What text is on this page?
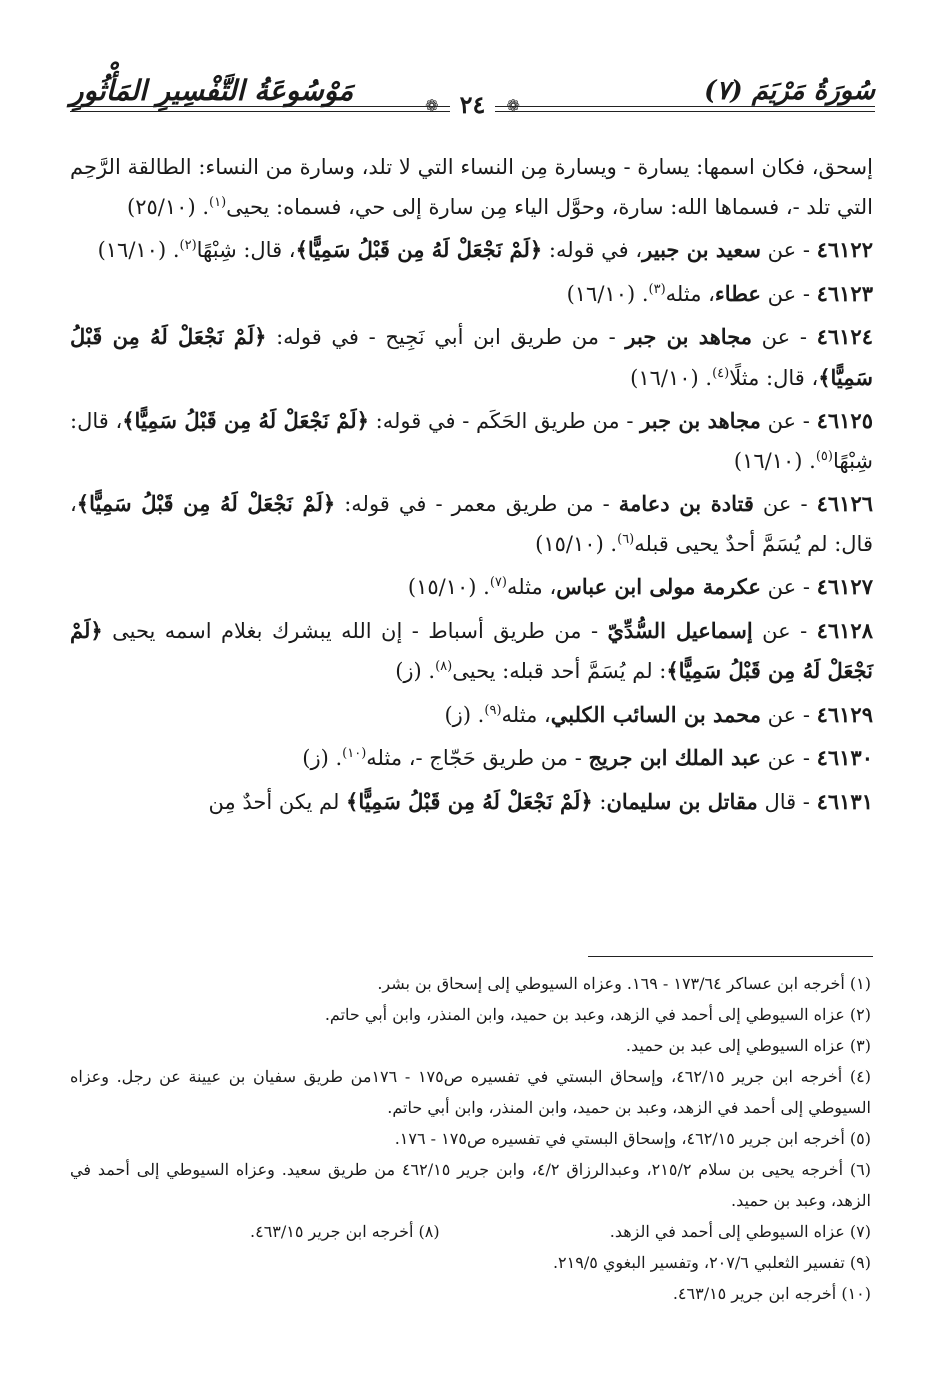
سُورَةُ مَرْيَمَ (٧)
❁ ٢٤ ❁
مَوْسُوعَةُ التَّفْسِيرِ المَأْثُورِ

إسحق، فكان اسمها: يسارة - ويسارة مِن النساء التي لا تلد، وسارة من النساء: الطالقة الرَّحِم التي تلد -، فسماها الله: سارة، وحوَّل الياء مِن سارة إلى حي، فسماه: يحيى$^{(١)}$. (٢٥/١٠)

٤٦١٢٢ - عن سعيد بن جبير، في قوله: ﴿لَمْ نَجْعَلْ لَهُ مِن قَبْلُ سَمِيًّا﴾، قال: شِبْهًا$^{(٢)}$. (١٦/١٠)

٤٦١٢٣ - عن عطاء، مثله$^{(٣)}$. (١٦/١٠)

٤٦١٢٤ - عن مجاهد بن جبر - من طريق ابن أبي نَجِيح - في قوله: ﴿لَمْ نَجْعَلْ لَهُ مِن قَبْلُ سَمِيًّا﴾، قال: مثلًا$^{(٤)}$. (١٦/١٠)

٤٦١٢٥ - عن مجاهد بن جبر - من طريق الحَكَم - في قوله: ﴿لَمْ نَجْعَلْ لَهُ مِن قَبْلُ سَمِيًّا﴾، قال: شِبْهًا$^{(٥)}$. (١٦/١٠)

٤٦١٢٦ - عن قتادة بن دعامة - من طريق معمر - في قوله: ﴿لَمْ نَجْعَلْ لَهُ مِن قَبْلُ سَمِيًّا﴾، قال: لم يُسَمَّ أحدٌ يحيى قبله$^{(٦)}$. (١٥/١٠)

٤٦١٢٧ - عن عكرمة مولى ابن عباس، مثله$^{(٧)}$. (١٥/١٠)

٤٦١٢٨ - عن إسماعيل السُّدِّيّ - من طريق أسباط - إن الله يبشرك بغلام اسمه يحيى ﴿لَمْ نَجْعَلْ لَهُ مِن قَبْلُ سَمِيًّا﴾: لم يُسَمَّ أحد قبله: يحيى$^{(٨)}$. (ز)

٤٦١٢٩ - عن محمد بن السائب الكلبي، مثله$^{(٩)}$. (ز)

٤٦١٣٠ - عن عبد الملك ابن جريج - من طريق حَجّاج -، مثله$^{(١٠)}$. (ز)

٤٦١٣١ - قال مقاتل بن سليمان: ﴿لَمْ نَجْعَلْ لَهُ مِن قَبْلُ سَمِيًّا﴾ لم يكن أحدٌ مِن

(١) أخرجه ابن عساكر ١٧٣/٦٤ - ١٦٩. وعزاه السيوطي إلى إسحاق بن بشر.

(٢) عزاه السيوطي إلى أحمد في الزهد، وعبد بن حميد، وابن المنذر، وابن أبي حاتم.

(٣) عزاه السيوطي إلى عبد بن حميد.

(٤) أخرجه ابن جرير ٤٦٢/١٥، وإسحاق البستي في تفسيره ص١٧٥ - ١٧٦من طريق سفيان بن عيينة عن رجل. وعزاه السيوطي إلى أحمد في الزهد، وعبد بن حميد، وابن المنذر، وابن أبي حاتم.

(٥) أخرجه ابن جرير ٤٦٢/١٥، وإسحاق البستي في تفسيره ص١٧٥ - ١٧٦.

(٦) أخرجه يحيى بن سلام ٢١٥/٢، وعبدالرزاق ٤/٢، وابن جرير ٤٦٢/١٥ من طريق سعيد. وعزاه السيوطي إلى أحمد في الزهد، وعبد بن حميد.

(٧) عزاه السيوطي إلى أحمد في الزهد.
(٨) أخرجه ابن جرير ٤٦٣/١٥.

(٩) تفسير الثعلبي ٢٠٧/٦، وتفسير البغوي ٢١٩/٥.

(١٠) أخرجه ابن جرير ٤٦٣/١٥.
